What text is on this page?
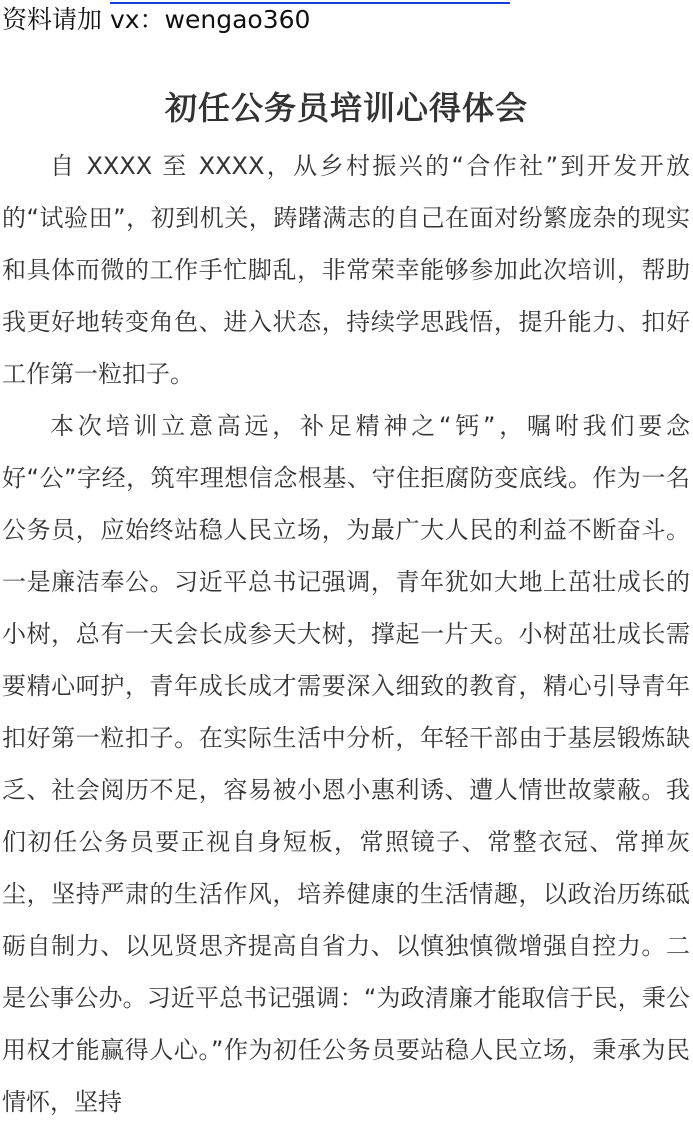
资料请加 vx：wengao360
初任公务员培训心得体会

自 XXXX 至 XXXX，从乡村振兴的“合作社”到开发开放的“试验田”，初到机关，踌躇满志的自己在面对纷繁庞杂的现实和具体而微的工作手忙脚乱，非常荣幸能够参加此次培训，帮助我更好地转变角色、进入状态，持续学思践悟，提升能力、扣好工作第一粒扣子。

本次培训立意高远，补足精神之“钙”，嘱咐我们要念好“公”字经，筑牢理想信念根基、守住拒腐防变底线。作为一名公务员，应始终站稳人民立场，为最广大人民的利益不断奋斗。一是廉洁奉公。习近平总书记强调，青年犹如大地上茁壮成长的小树，总有一天会长成参天大树，撑起一片天。小树茁壮成长需要精心呵护，青年成长成才需要深入细致的教育，精心引导青年扣好第一粒扣子。在实际生活中分析，年轻干部由于基层锻炼缺乏、社会阅历不足，容易被小恩小惠利诱、遭人情世故蒙蔽。我们初任公务员要正视自身短板，常照镜子、常整衣冠、常掸灰尘，坚持严肃的生活作风，培养健康的生活情趣，以政治历练砥砺自制力、以见贤思齐提高自省力、以慎独慎微增强自控力。二是公事公办。习近平总书记强调：“为政清廉才能取信于民，秉公用权才能赢得人心。”作为初任公务员要站稳人民立场，秉承为民情怀，坚持
